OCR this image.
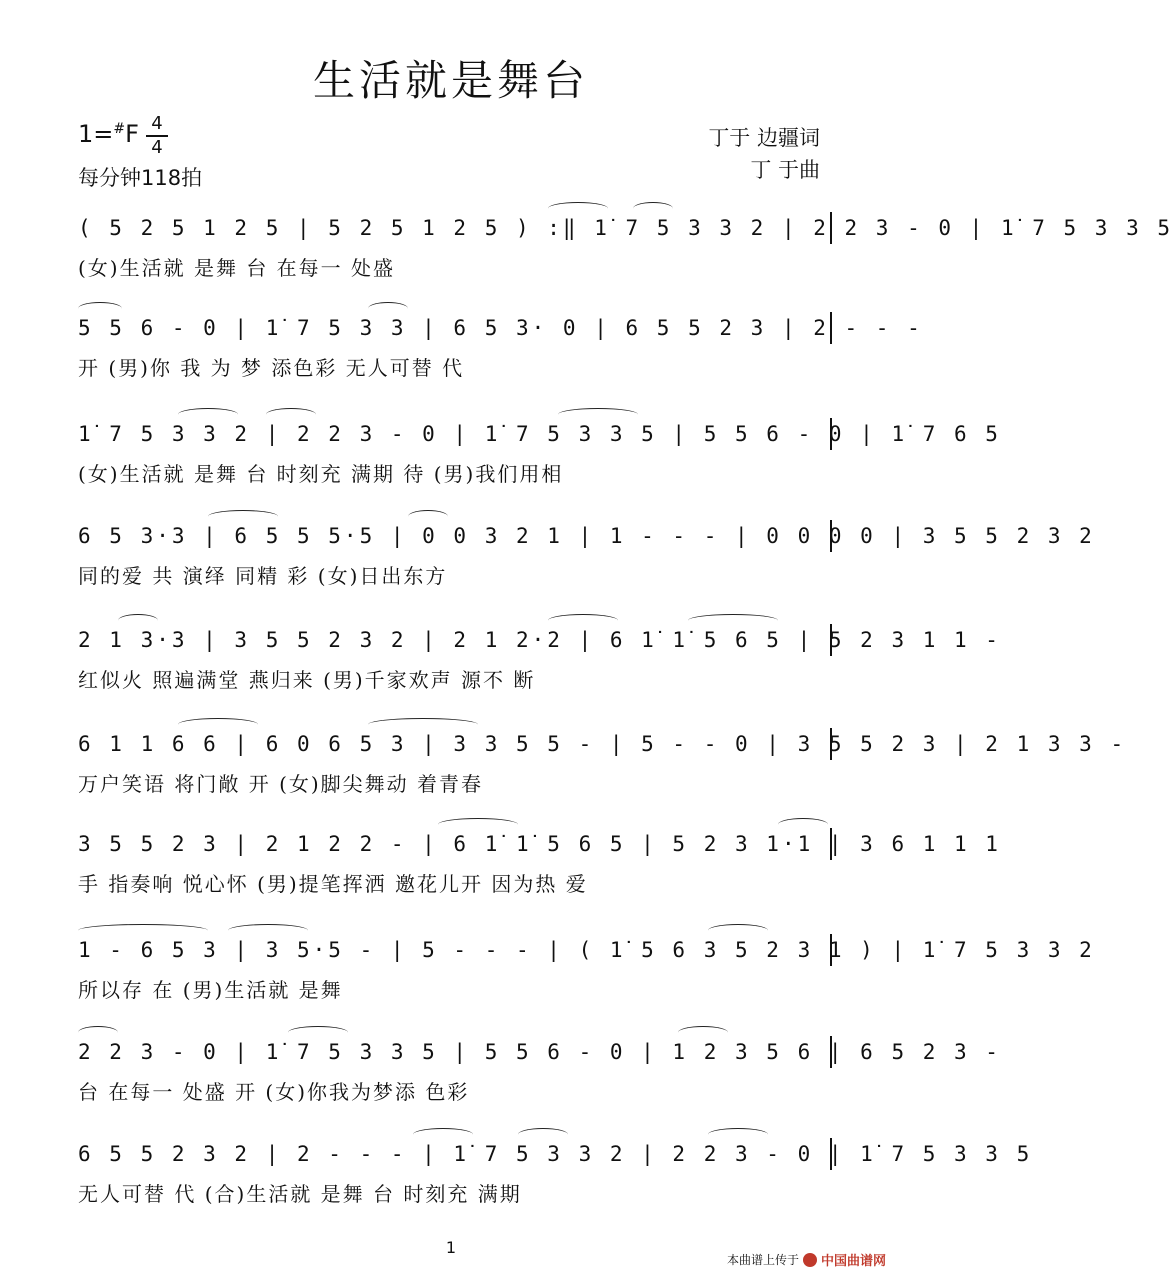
生活就是舞台
1=#F 4
4
每分钟118拍
丁于 边疆词
丁 于曲
( 5 2 5 1 2 5 | 5 2 5 1 2 5 ) :‖ 1̇ 7 5 3 3 2 | 2 2 3 - 0 | 1̇ 7 5 3 3 5
(女)生活就 是舞 台 在每一 处盛
5 5 6 - 0 | 1̇ 7 5 3 3 | 6 5 3· 0 | 6 5 5 2 3 | 2 - - -
开 (男)你 我 为 梦 添色彩 无人可替 代
1̇ 7 5 3 3 2 | 2 2 3 - 0 | 1̇ 7 5 3 3 5 | 5 5 6 - 0 | 1̇ 7 6 5
(女)生活就 是舞 台 时刻充 满期 待 (男)我们用相
6 5 3·3 | 6 5 5 5·5 | 0 0 3 2 1 | 1 - - - | 0 0 0 0 | 3 5 5 2 3 2
同的爱 共 演绎 同精 彩 (女)日出东方
2 1 3·3 | 3 5 5 2 3 2 | 2 1 2·2 | 6 1̇ 1̇ 5 6 5 | 5 2 3 1 1 -
红似火 照遍满堂 燕归来 (男)千家欢声 源不 断
6 1 1 6 6 | 6 0 6 5 3 | 3 3 5 5 - | 5 - - 0 | 3 5 5 2 3 | 2 1 3 3 -
万户笑语 将门敞 开 (女)脚尖舞动 着青春
3 5 5 2 3 | 2 1 2 2 - | 6 1̇ 1̇ 5 6 5 | 5 2 3 1·1 | 3 6 1 1 1
手 指奏响 悦心怀 (男)提笔挥洒 邀花儿开 因为热 爱
1 - 6 5 3 | 3 5·5 - | 5 - - - | ( 1̇ 5 6 3 5 2 3 1 ) | 1̇ 7 5 3 3 2
所以存 在 (男)生活就 是舞
2 2 3 - 0 | 1̇ 7 5 3 3 5 | 5 5 6 - 0 | 1 2 3 5 6 | 6 5 2 3 -
台 在每一 处盛 开 (女)你我为梦添 色彩
6 5 5 2 3 2 | 2 - - - | 1̇ 7 5 3 3 2 | 2 2 3 - 0 | 1̇ 7 5 3 3 5
无人可替 代 (合)生活就 是舞 台 时刻充 满期
1
本曲谱上传于 中国曲谱网
